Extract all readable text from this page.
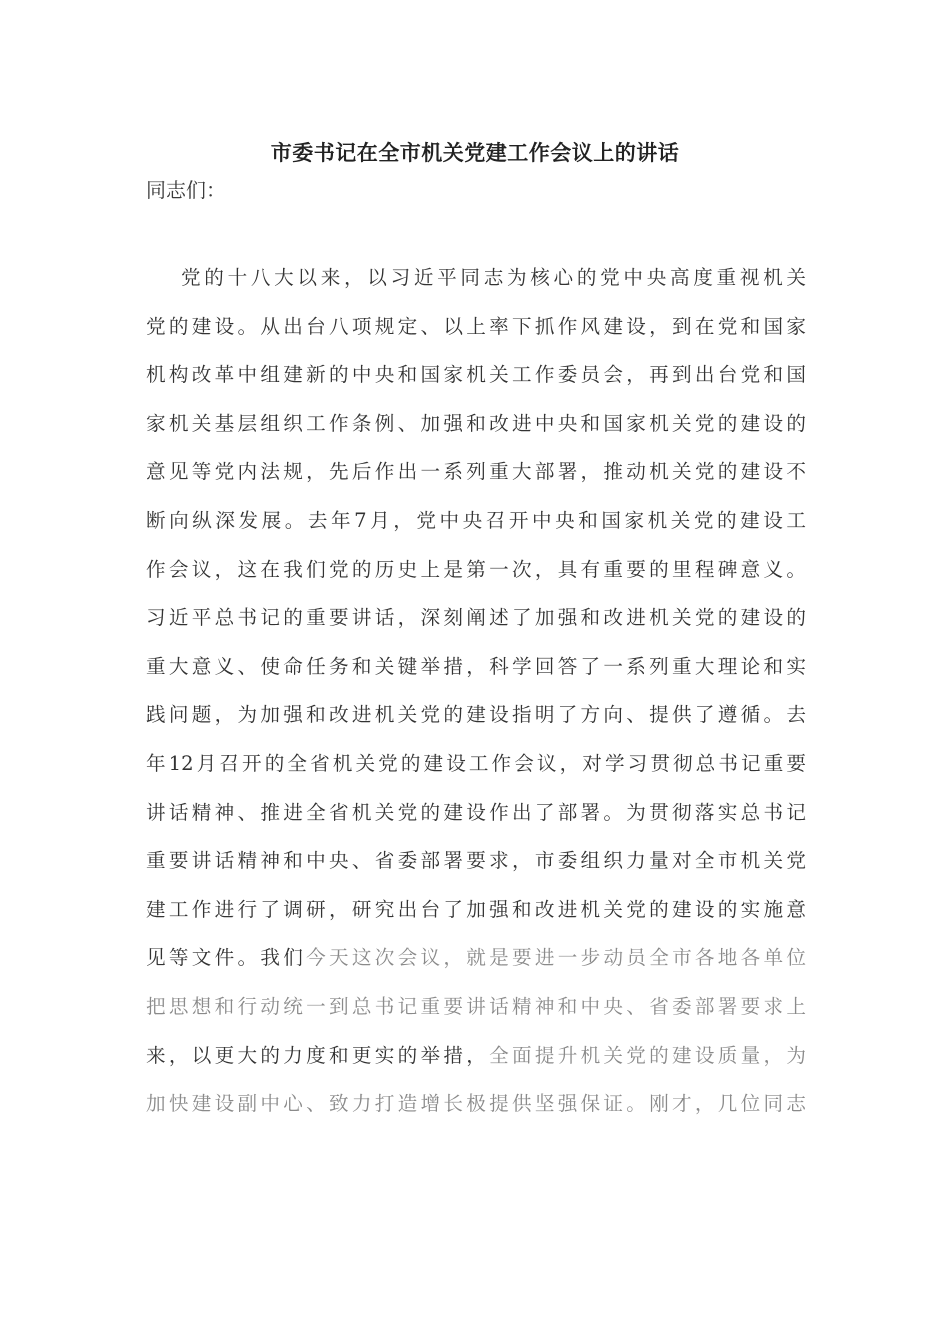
市委书记在全市机关党建工作会议上的讲话

同志们：

党的十八大以来，以习近平同志为核心的党中央高度重视机关
党的建设。从出台八项规定、以上率下抓作风建设，到在党和国家
机构改革中组建新的中央和国家机关工作委员会，再到出台党和国
家机关基层组织工作条例、加强和改进中央和国家机关党的建设的
意见等党内法规，先后作出一系列重大部署，推动机关党的建设不
断向纵深发展。去年7月，党中央召开中央和国家机关党的建设工
作会议，这在我们党的历史上是第一次，具有重要的里程碑意义。
习近平总书记的重要讲话，深刻阐述了加强和改进机关党的建设的
重大意义、使命任务和关键举措，科学回答了一系列重大理论和实
践问题，为加强和改进机关党的建设指明了方向、提供了遵循。去
年12月召开的全省机关党的建设工作会议，对学习贯彻总书记重要
讲话精神、推进全省机关党的建设作出了部署。为贯彻落实总书记
重要讲话精神和中央、省委部署要求，市委组织力量对全市机关党
建工作进行了调研，研究出台了加强和改进机关党的建设的实施意
见等文件。我们今天这次会议，就是要进一步动员全市各地各单位
把思想和行动统一到总书记重要讲话精神和中央、省委部署要求上
来，以更大的力度和更实的举措，全面提升机关党的建设质量，为
加快建设副中心、致力打造增长极提供坚强保证。刚才，几位同志
